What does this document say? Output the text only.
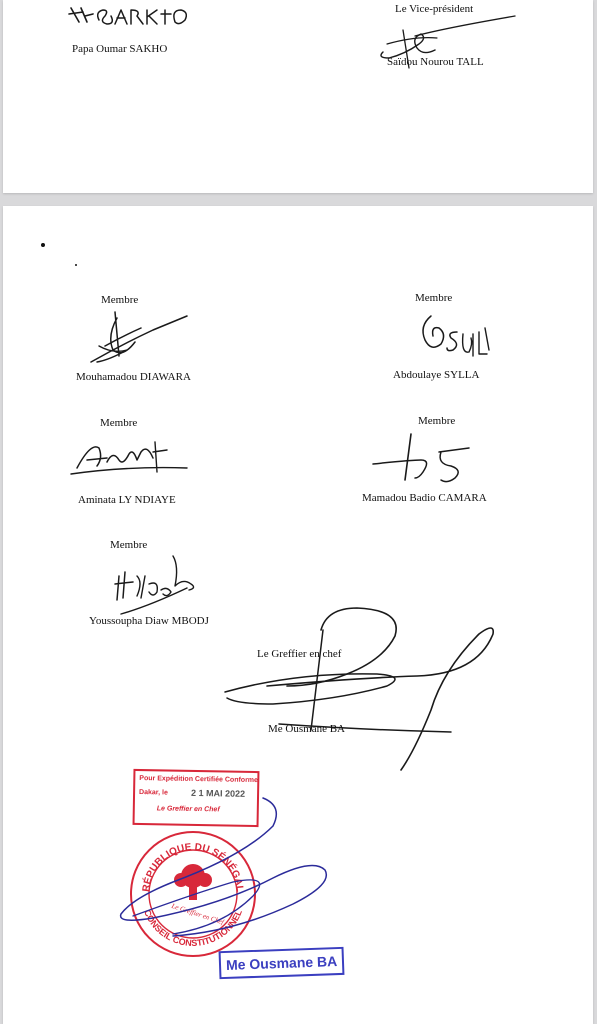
Papa Oumar SAKHO
Le Vice-président
Saïdou Nourou TALL
Membre
Mouhamadou DIAWARA
Membre
Abdoulaye SYLLA
Membre
Aminata LY NDIAYE
Membre
Mamadou Badio CAMARA
Membre
Youssoupha Diaw MBODJ
Le Greffier en chef
Me Ousmane BA
Pour Expédition Certifiée Conforme
Dakar, le	2 1 MAI 2022
Le Greffier en Chef
RÉPUBLIQUE DU SÉNÉGAL
CONSEIL CONSTITUTIONNEL
Le Greffier en Chef
Me Ousmane BA
